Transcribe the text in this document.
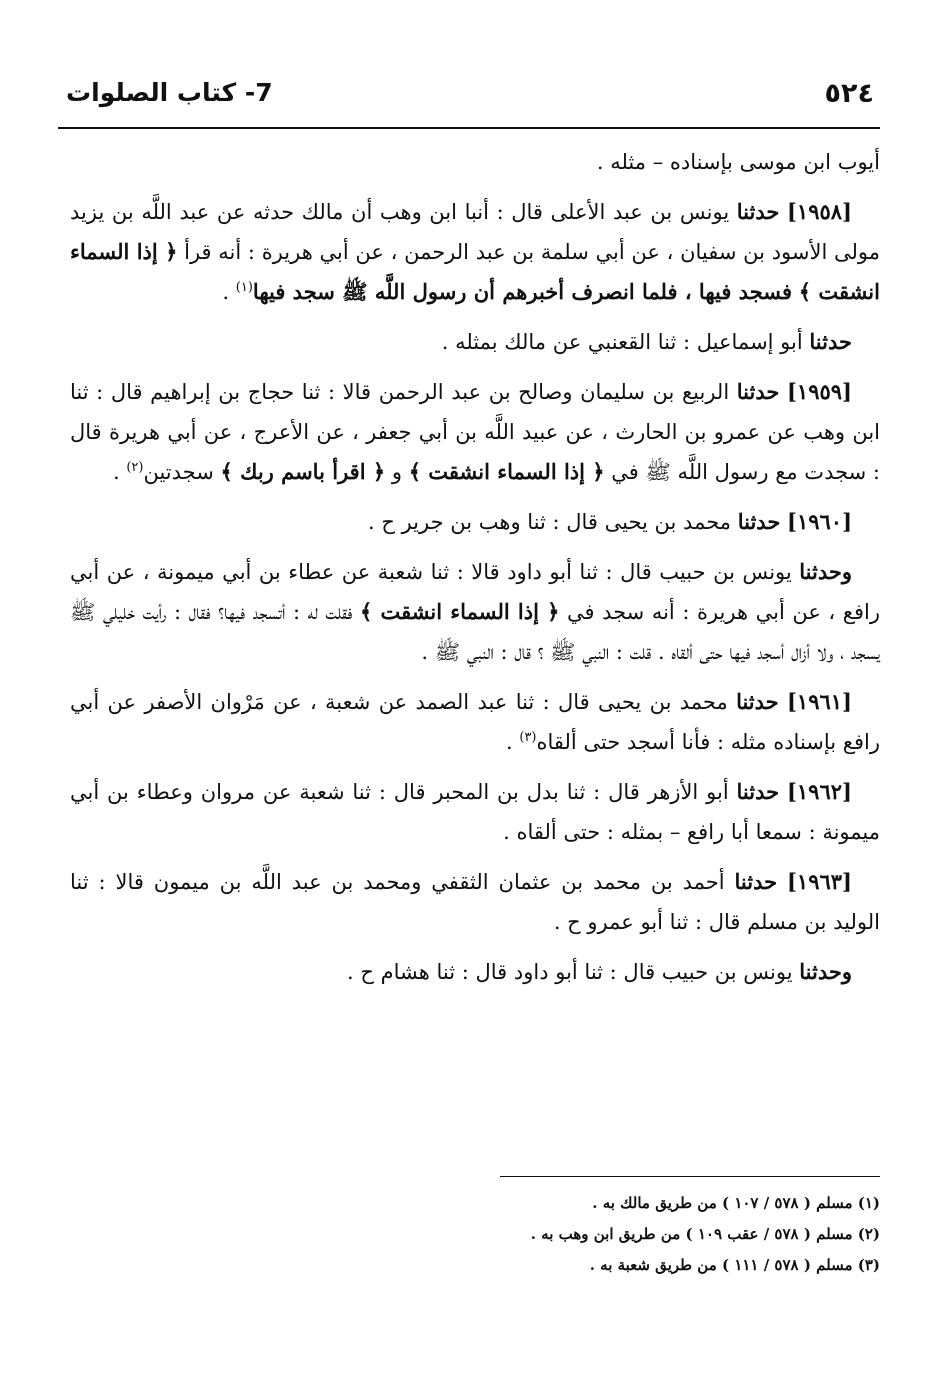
٥٢٤
7- كتاب الصلوات

أيوب ابن موسى بإسناده – مثله .

[١٩٥٨] حدثنا يونس بن عبد الأعلى قال : أنبا ابن وهب أن مالك حدثه عن عبد اللَّه بن يزيد مولى الأسود بن سفيان ، عن أبي سلمة بن عبد الرحمن ، عن أبي هريرة : أنه قرأ ﴿ إذا السماء انشقت ﴾ فسجد فيها ، فلما انصرف أخبرهم أن رسول اللَّه ﷺ سجد فيها$^{(١)}$ .

حدثنا أبو إسماعيل : ثنا القعنبي عن مالك بمثله .

[١٩٥٩] حدثنا الربيع بن سليمان وصالح بن عبد الرحمن قالا : ثنا حجاج بن إبراهيم قال : ثنا ابن وهب عن عمرو بن الحارث ، عن عبيد اللَّه بن أبي جعفر ، عن الأعرج ، عن أبي هريرة قال : سجدت مع رسول اللَّه ﷺ في ﴿ إذا السماء انشقت ﴾ و ﴿ اقرأ باسم ربك ﴾ سجدتين$^{(٢)}$ .

[١٩٦٠] حدثنا محمد بن يحيى قال : ثنا وهب بن جرير ح .

وحدثنا يونس بن حبيب قال : ثنا أبو داود قالا : ثنا شعبة عن عطاء بن أبي ميمونة ، عن أبي رافع ، عن أبي هريرة : أنه سجد في ﴿ إذا السماء انشقت ﴾ فقلت له : أتسجد فيها؟ فقال : رأيت خليلي ﷺ يسجد ، ولا أزال أسجد فيها حتى ألقاه . قلت : النبي ﷺ ؟ قال : النبي ﷺ .

[١٩٦١] حدثنا محمد بن يحيى قال : ثنا عبد الصمد عن شعبة ، عن مَرْوان الأصفر عن أبي رافع بإسناده مثله : فأنا أسجد حتى ألقاه$^{(٣)}$ .

[١٩٦٢] حدثنا أبو الأزهر قال : ثنا بدل بن المحبر قال : ثنا شعبة عن مروان وعطاء بن أبي ميمونة : سمعا أبا رافع – بمثله : حتى ألقاه .

[١٩٦٣] حدثنا أحمد بن محمد بن عثمان الثقفي ومحمد بن عبد اللَّه بن ميمون قالا : ثنا الوليد بن مسلم قال : ثنا أبو عمرو ح .

وحدثنا يونس بن حبيب قال : ثنا أبو داود قال : ثنا هشام ح .

(١) مسلم ( ٥٧٨ / ١٠٧ ) من طريق مالك به .

(٢) مسلم ( ٥٧٨ / عقب ١٠٩ ) من طريق ابن وهب به .

(٣) مسلم ( ٥٧٨ / ١١١ ) من طريق شعبة به .
